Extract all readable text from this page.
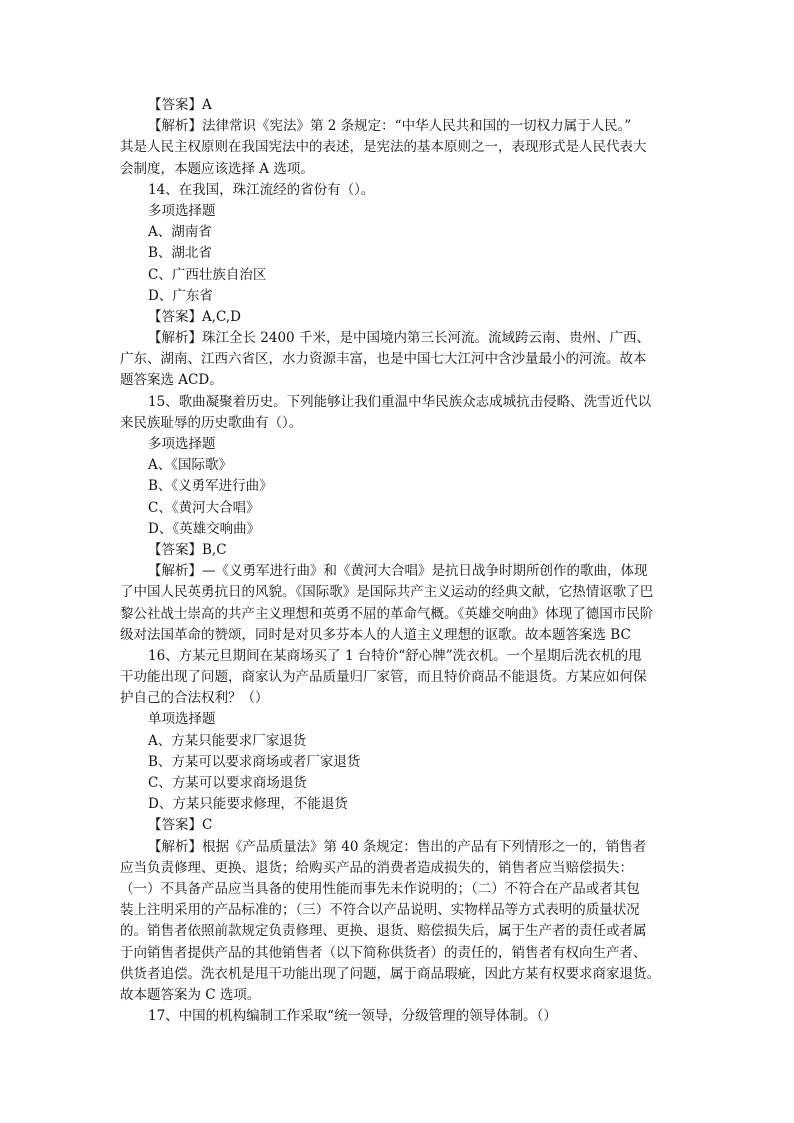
【答案】A
【解析】法律常识《宪法》第 2 条规定：“中华人民共和国的一切权力属于人民。”
其是人民主权原则在我国宪法中的表述，是宪法的基本原则之一，表现形式是人民代表大
会制度，本题应该选择 A 选项。
14、在我国，珠江流经的省份有（）。
多项选择题
A、湖南省
B、湖北省
C、广西壮族自治区
D、广东省
【答案】A,C,D
【解析】珠江全长 2400 千米，是中国境内第三长河流。流域跨云南、贵州、广西、
广东、湖南、江西六省区，水力资源丰富，也是中国七大江河中含沙量最小的河流。故本
题答案选 ACD。
15、歌曲凝聚着历史。下列能够让我们重温中华民族众志成城抗击侵略、洗雪近代以
来民族耻辱的历史歌曲有（）。
多项选择题
A、《国际歌》
B、《义勇军进行曲》
C、《黄河大合唱》
D、《英雄交响曲》
【答案】B,C
【解析】—《义勇军进行曲》和《黄河大合唱》是抗日战争时期所创作的歌曲，体现
了中国人民英勇抗日的风貌。《国际歌》是国际共产主义运动的经典文献，它热情讴歌了巴
黎公社战士崇高的共产主义理想和英勇不屈的革命气概。《英雄交响曲》体现了德国市民阶
级对法国革命的赞颂，同时是对贝多芬本人的人道主义理想的讴歌。故本题答案选 BC
16、方某元旦期间在某商场买了 1 台特价“舒心牌”洗衣机。一个星期后洗衣机的甩
干功能出现了问题，商家认为产品质量归厂家管，而且特价商品不能退货。方某应如何保
护自己的合法权利？（）
单项选择题
A、方某只能要求厂家退货
B、方某可以要求商场或者厂家退货
C、方某可以要求商场退货
D、方某只能要求修理，不能退货
【答案】C
【解析】根据《产品质量法》第 40 条规定：售出的产品有下列情形之一的，销售者
应当负责修理、更换、退货；给购买产品的消费者造成损失的，销售者应当赔偿损失：
（一）不具备产品应当具备的使用性能而事先未作说明的；（二）不符合在产品或者其包
装上注明采用的产品标准的；（三）不符合以产品说明、实物样品等方式表明的质量状况
的。销售者依照前款规定负责修理、更换、退货、赔偿损失后，属于生产者的责任或者属
于向销售者提供产品的其他销售者（以下简称供货者）的责任的，销售者有权向生产者、
供货者追偿。洗衣机是甩干功能出现了问题，属于商品瑕疵，因此方某有权要求商家退货。
故本题答案为 C 选项。
17、中国的机构编制工作采取“统一领导，分级管理的领导体制。（）
